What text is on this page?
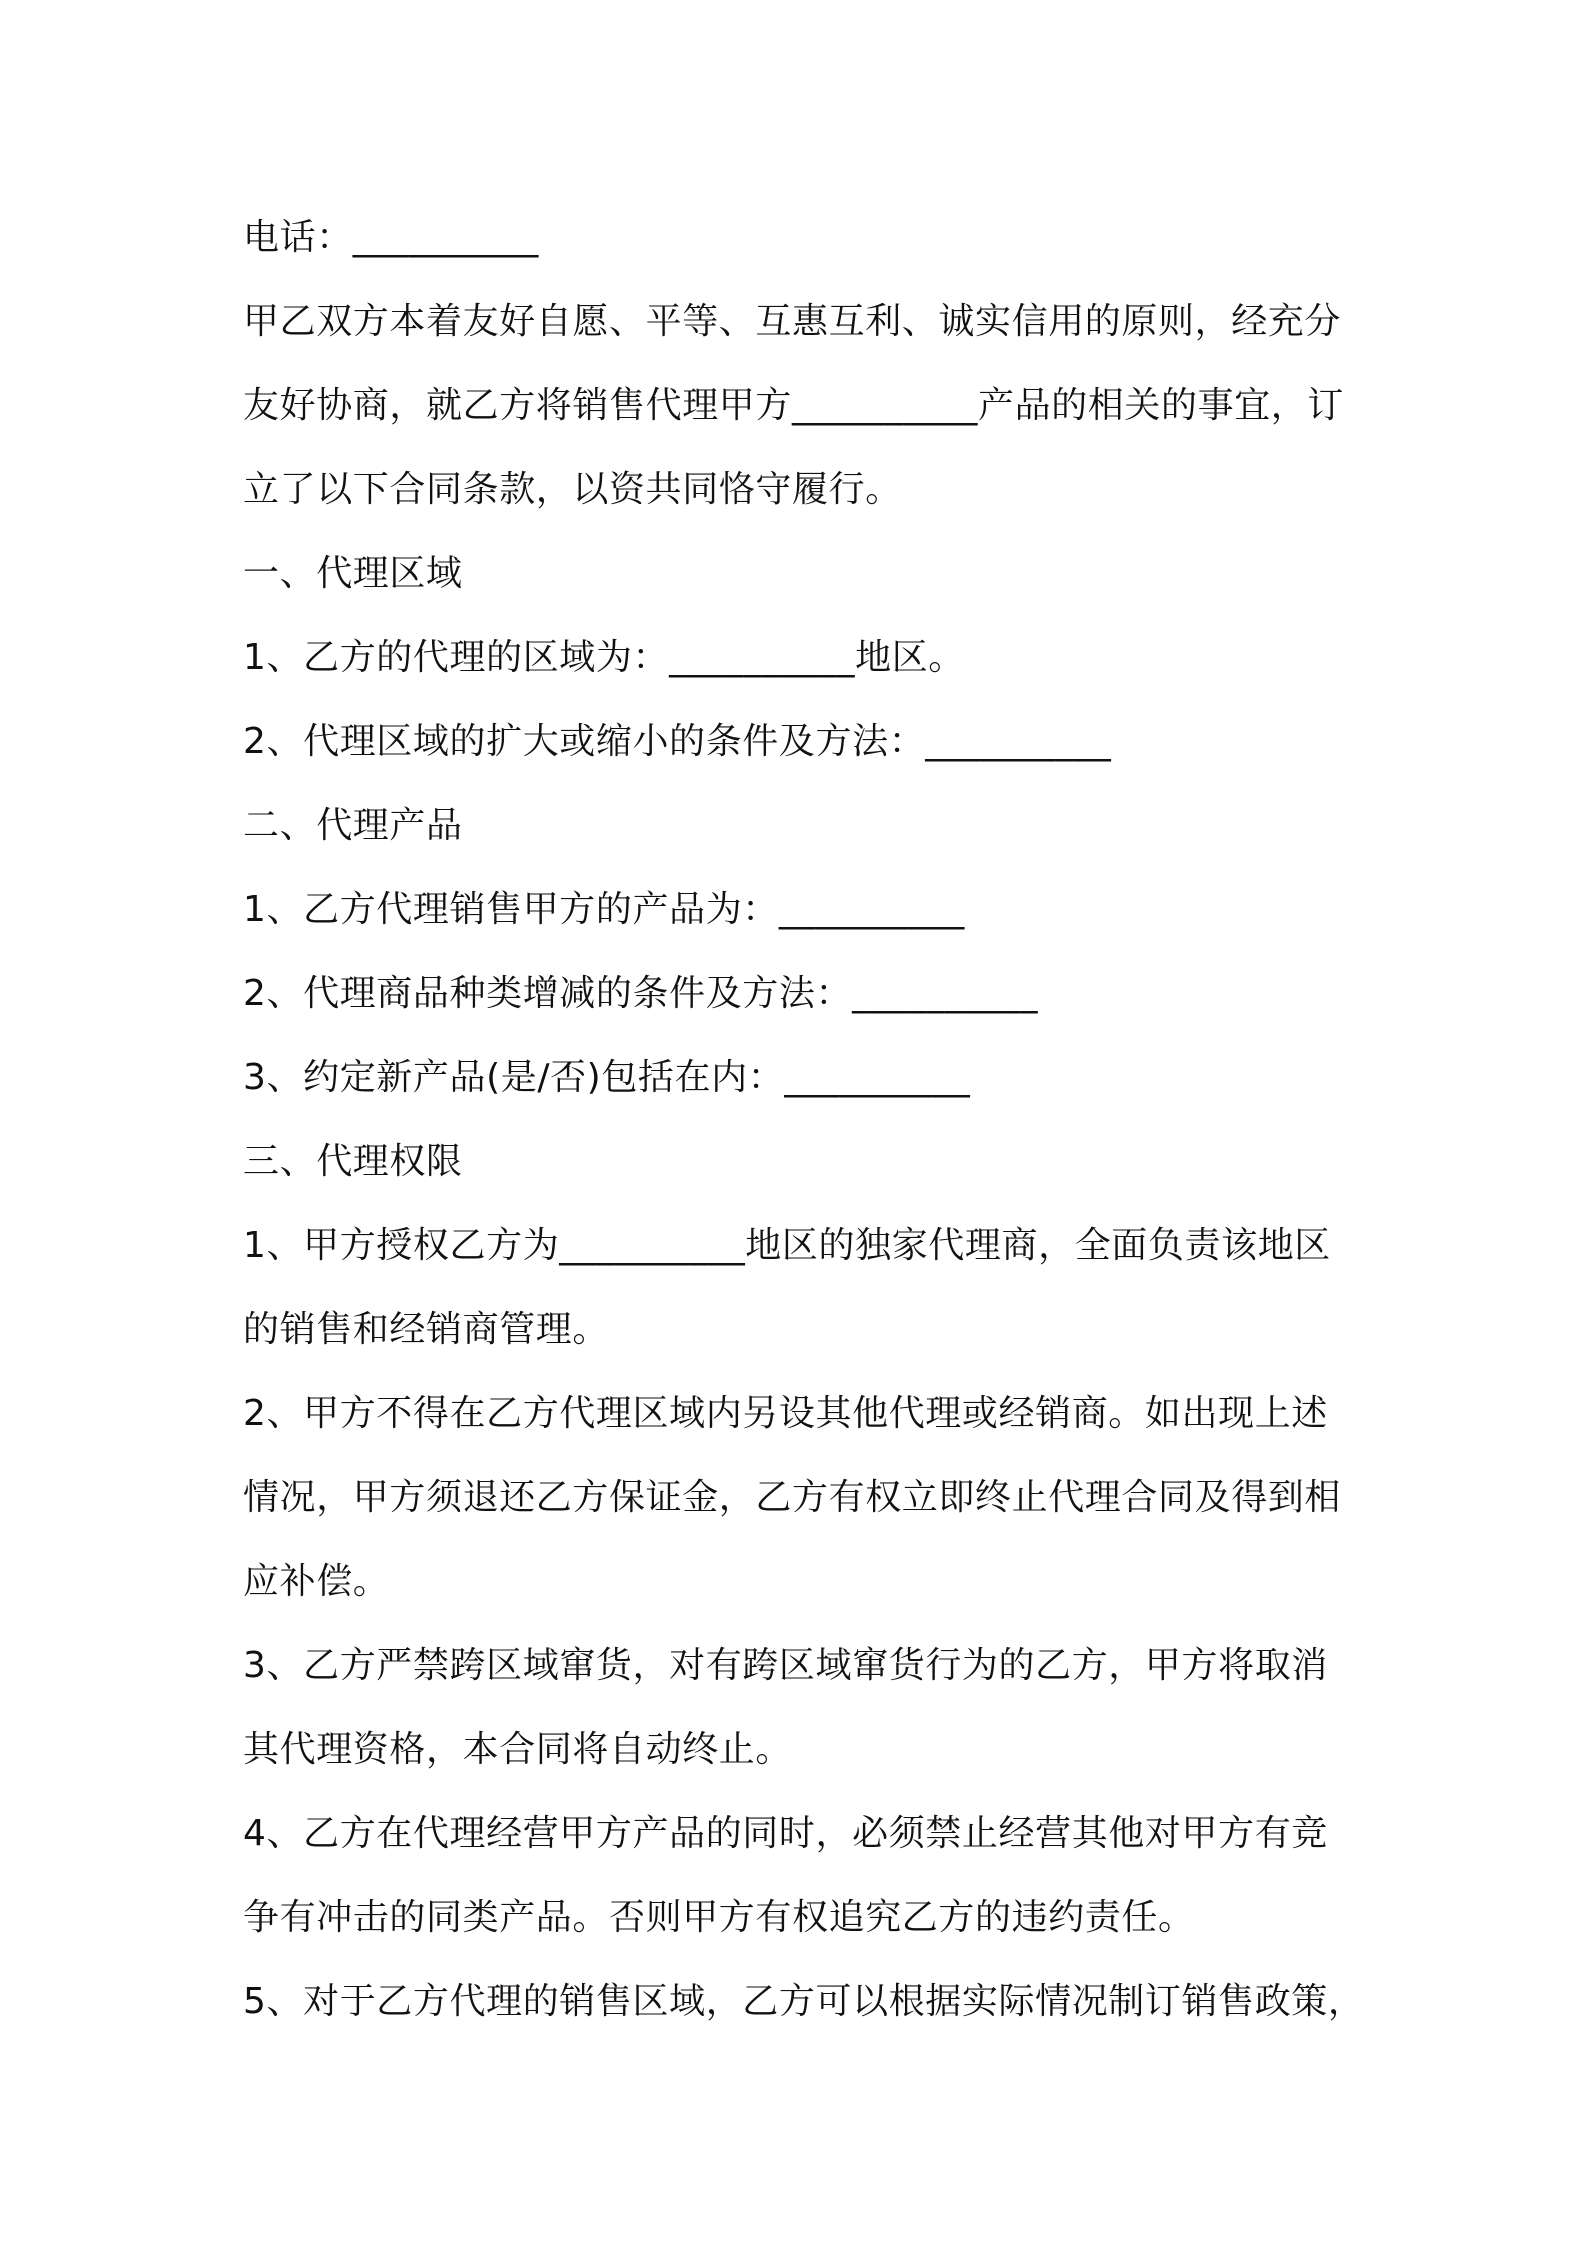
电话：__________
甲乙双方本着友好自愿、平等、互惠互利、诚实信用的原则，经充分
友好协商，就乙方将销售代理甲方__________产品的相关的事宜，订
立了以下合同条款，以资共同恪守履行。
一、代理区域
1、乙方的代理的区域为：__________地区。
2、代理区域的扩大或缩小的条件及方法：__________
二、代理产品
1、乙方代理销售甲方的产品为：__________
2、代理商品种类增减的条件及方法：__________
3、约定新产品(是/否)包括在内：__________
三、代理权限
1、甲方授权乙方为__________地区的独家代理商，全面负责该地区
的销售和经销商管理。
2、甲方不得在乙方代理区域内另设其他代理或经销商。如出现上述
情况，甲方须退还乙方保证金，乙方有权立即终止代理合同及得到相
应补偿。
3、乙方严禁跨区域窜货，对有跨区域窜货行为的乙方，甲方将取消
其代理资格，本合同将自动终止。
4、乙方在代理经营甲方产品的同时，必须禁止经营其他对甲方有竞
争有冲击的同类产品。否则甲方有权追究乙方的违约责任。
5、对于乙方代理的销售区域，乙方可以根据实际情况制订销售政策，
